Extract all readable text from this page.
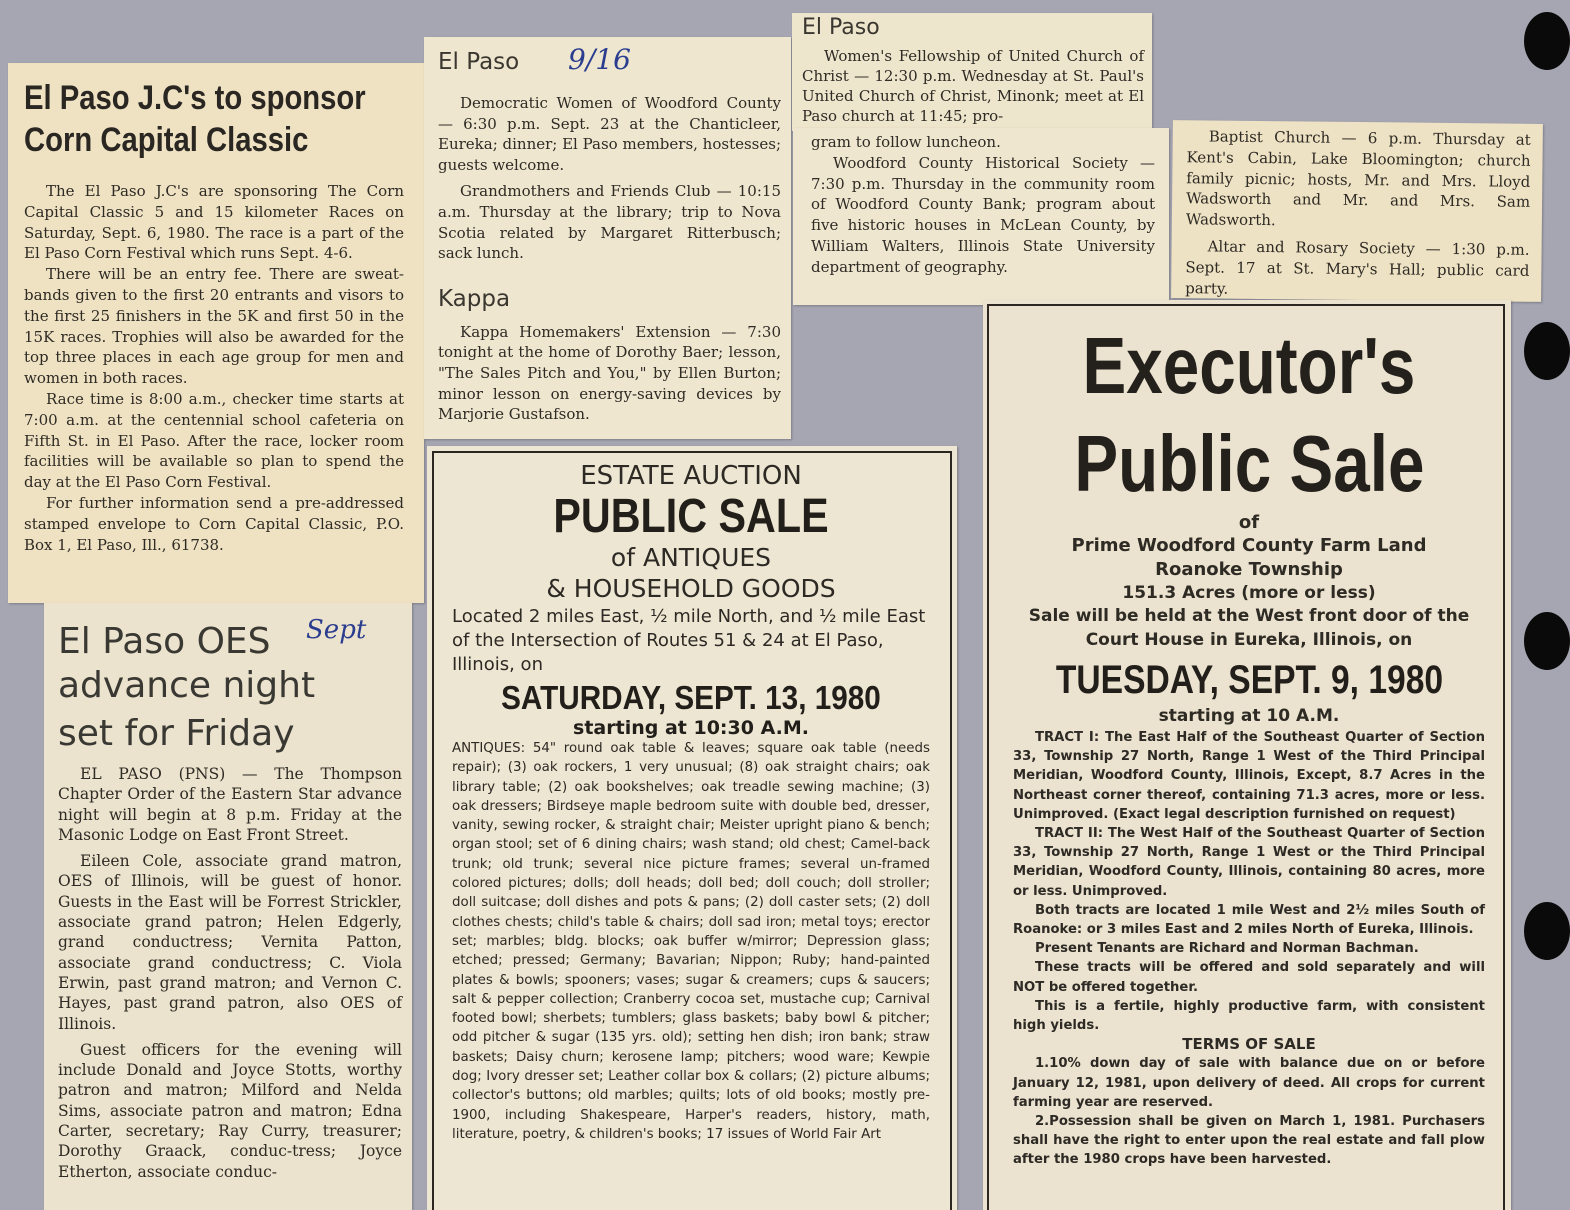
El Paso J.C's to sponsor
Corn Capital Classic

The El Paso J.C's are sponsoring The Corn Capital Classic 5 and 15 kilometer Races on Saturday, Sept. 6, 1980. The race is a part of the El Paso Corn Festival which runs Sept. 4-6.

There will be an entry fee. There are sweat-bands given to the first 20 entrants and visors to the first 25 finishers in the 5K and first 50 in the 15K races. Trophies will also be awarded for the top three places in each age group for men and women in both races.

Race time is 8:00 a.m., checker time starts at 7:00 a.m. at the centennial school cafeteria on Fifth St. in El Paso. After the race, locker room facilities will be available so plan to spend the day at the El Paso Corn Festival.

For further information send a pre-addressed stamped envelope to Corn Capital Classic, P.O. Box 1, El Paso, Ill., 61738.

El Paso 9/16

Democratic Women of Woodford County — 6:30 p.m. Sept. 23 at the Chanticleer, Eureka; dinner; El Paso members, hostesses; guests welcome.

Grandmothers and Friends Club — 10:15 a.m. Thursday at the library; trip to Nova Scotia related by Margaret Ritterbusch; sack lunch.

Kappa

Kappa Homemakers' Extension — 7:30 tonight at the home of Dorothy Baer; lesson, "The Sales Pitch and You," by Ellen Burton; minor lesson on energy-saving devices by Marjorie Gustafson.

El Paso

Women's Fellowship of United Church of Christ — 12:30 p.m. Wednesday at St. Paul's United Church of Christ, Minonk; meet at El Paso church at 11:45; pro-

gram to follow luncheon.

Woodford County Historical Society — 7:30 p.m. Thursday in the community room of Woodford County Bank; program about five historic houses in McLean County, by William Walters, Illinois State University department of geography.

Baptist Church — 6 p.m. Thursday at Kent's Cabin, Lake Bloomington; church family picnic; hosts, Mr. and Mrs. Lloyd Wadsworth and Mr. and Mrs. Sam Wadsworth.

Altar and Rosary Society — 1:30 p.m. Sept. 17 at St. Mary's Hall; public card party.

El Paso OES Sept
advance night
set for Friday

EL PASO (PNS) — The Thompson Chapter Order of the Eastern Star advance night will begin at 8 p.m. Friday at the Masonic Lodge on East Front Street.

Eileen Cole, associate grand matron, OES of Illinois, will be guest of honor. Guests in the East will be Forrest Strickler, associate grand patron; Helen Edgerly, grand conductress; Vernita Patton, associate grand conductress; C. Viola Erwin, past grand matron; and Vernon C. Hayes, past grand patron, also OES of Illinois.

Guest officers for the evening will include Donald and Joyce Stotts, worthy patron and matron; Milford and Nelda Sims, associate patron and matron; Edna Carter, secretary; Ray Curry, treasurer; Dorothy Graack, conduc-tress; Joyce Etherton, associate conduc-

ESTATE AUCTION
PUBLIC SALE
of ANTIQUES
& HOUSEHOLD GOODS
Located 2 miles East, ½ mile North, and ½ mile East of the Intersection of Routes 51 & 24 at El Paso, Illinois, on
SATURDAY, SEPT. 13, 1980
starting at 10:30 A.M.
ANTIQUES: 54" round oak table & leaves; square oak table (needs repair); (3) oak rockers, 1 very unusual; (8) oak straight chairs; oak library table; (2) oak bookshelves; oak treadle sewing machine; (3) oak dressers; Birdseye maple bedroom suite with double bed, dresser, vanity, sewing rocker, & straight chair; Meister upright piano & bench; organ stool; set of 6 dining chairs; wash stand; old chest; Camel-back trunk; old trunk; several nice picture frames; several un-framed colored pictures; dolls; doll heads; doll bed; doll couch; doll stroller; doll suitcase; doll dishes and pots & pans; (2) doll caster sets; (2) doll clothes chests; child's table & chairs; doll sad iron; metal toys; erector set; marbles; bldg. blocks; oak buffer w/mirror; Depression glass; etched; pressed; Germany; Bavarian; Nippon; Ruby; hand-painted plates & bowls; spooners; vases; sugar & creamers; cups & saucers; salt & pepper collection; Cranberry cocoa set, mustache cup; Carnival footed bowl; sherbets; tumblers; glass baskets; baby bowl & pitcher; odd pitcher & sugar (135 yrs. old); setting hen dish; iron bank; straw baskets; Daisy churn; kerosene lamp; pitchers; wood ware; Kewpie dog; Ivory dresser set; Leather collar box & collars; (2) picture albums; collector's buttons; old marbles; quilts; lots of old books; mostly pre-1900, including Shakespeare, Harper's readers, history, math, literature, poetry, & children's books; 17 issues of World Fair Art
Executor's
Public Sale
of
Prime Woodford County Farm Land
Roanoke Township
151.3 Acres (more or less)
Sale will be held at the West front door of the Court House in Eureka, Illinois, on
TUESDAY, SEPT. 9, 1980
starting at 10 A.M.

TRACT I: The East Half of the Southeast Quarter of Section 33, Township 27 North, Range 1 West of the Third Principal Meridian, Woodford County, Illinois, Except, 8.7 Acres in the Northeast corner thereof, containing 71.3 acres, more or less. Unimproved. (Exact legal description furnished on request)

TRACT II: The West Half of the Southeast Quarter of Section 33, Township 27 North, Range 1 West or the Third Principal Meridian, Woodford County, Illinois, containing 80 acres, more or less. Unimproved.

Both tracts are located 1 mile West and 2½ miles South of Roanoke: or 3 miles East and 2 miles North of Eureka, Illinois.

Present Tenants are Richard and Norman Bachman.

These tracts will be offered and sold separately and will NOT be offered together.

This is a fertile, highly productive farm, with consistent high yields.

TERMS OF SALE

1.10% down day of sale with balance due on or before January 12, 1981, upon delivery of deed. All crops for current farming year are reserved.

2.Possession shall be given on March 1, 1981. Purchasers shall have the right to enter upon the real estate and fall plow after the 1980 crops have been harvested.
